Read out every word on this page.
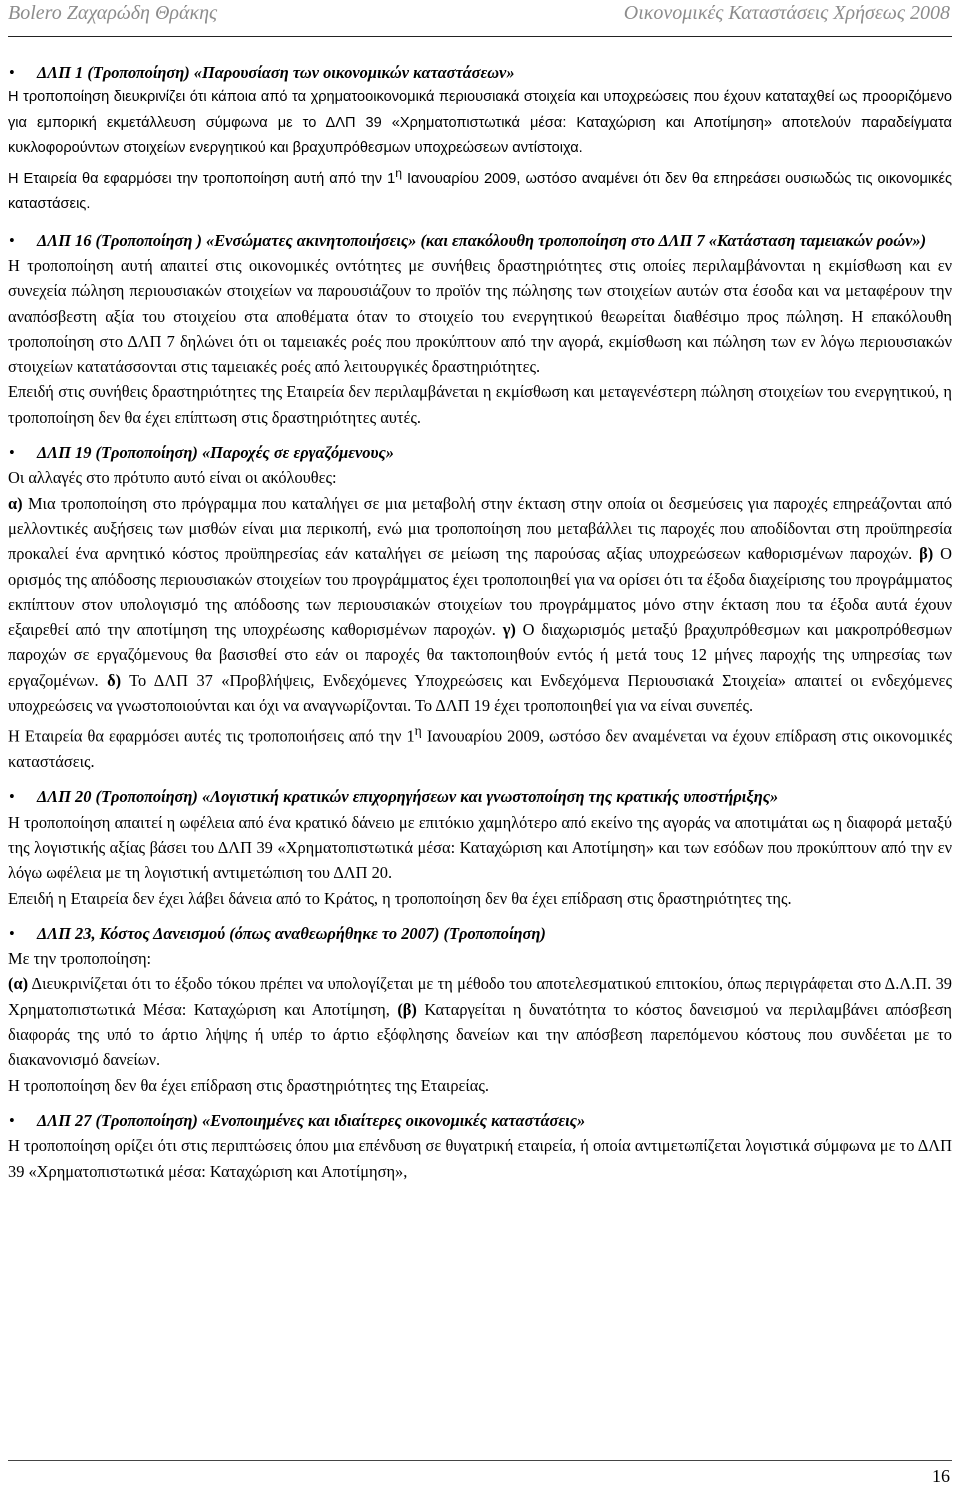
Bolero Ζαχαρώδη Θράκης	Οικονομικές Καταστάσεις Χρήσεως 2008
• ΔΛΠ 1 (Τροποποίηση) «Παρουσίαση των οικονομικών καταστάσεων»

Η τροποποίηση διευκρινίζει ότι κάποια από τα χρηματοοικονομικά περιουσιακά στοιχεία και υποχρεώσεις που έχουν καταταχθεί ως προοριζόμενο για εμπορική εκμετάλλευση σύμφωνα με το ΔΛΠ 39 «Χρηματοπιστωτικά μέσα: Καταχώριση και Αποτίμηση» αποτελούν παραδείγματα κυκλοφορούντων στοιχείων ενεργητικού και βραχυπρόθεσμων υποχρεώσεων αντίστοιχα.

Η Εταιρεία θα εφαρμόσει την τροποποίηση αυτή από την $1^\eta$ Ιανουαρίου 2009, ωστόσο αναμένει ότι δεν θα επηρεάσει ουσιωδώς τις οικονομικές καταστάσεις.

• ΔΛΠ 16 (Τροποποίηση ) «Ενσώματες ακινητοποιήσεις» (και επακόλουθη τροποποίηση στο ΔΛΠ 7 «Κατάσταση ταμειακών ροών»)

Η τροποποίηση αυτή απαιτεί στις οικονομικές οντότητες με συνήθεις δραστηριότητες στις οποίες περιλαμβάνονται η εκμίσθωση και εν συνεχεία πώληση περιουσιακών στοιχείων να παρουσιάζουν το προϊόν της πώλησης των στοιχείων αυτών στα έσοδα και να μεταφέρουν την αναπόσβεστη αξία του στοιχείου στα αποθέματα όταν το στοιχείο του ενεργητικού θεωρείται διαθέσιμο προς πώληση. Η επακόλουθη τροποποίηση στο ΔΛΠ 7 δηλώνει ότι οι ταμειακές ροές που προκύπτουν από την αγορά, εκμίσθωση και πώληση των εν λόγω περιουσιακών στοιχείων κατατάσσονται στις ταμειακές ροές από λειτουργικές δραστηριότητες.

Επειδή στις συνήθεις δραστηριότητες της Εταιρεία δεν περιλαμβάνεται η εκμίσθωση και μεταγενέστερη πώληση στοιχείων του ενεργητικού, η τροποποίηση δεν θα έχει επίπτωση στις δραστηριότητες αυτές.

• ΔΛΠ 19 (Τροποποίηση) «Παροχές σε εργαζόμενους»

Οι αλλαγές στο πρότυπο αυτό είναι οι ακόλουθες:

α) Μια τροποποίηση στο πρόγραμμα που καταλήγει σε μια μεταβολή στην έκταση στην οποία οι δεσμεύσεις για παροχές επηρεάζονται από μελλοντικές αυξήσεις των μισθών είναι μια περικοπή, ενώ μια τροποποίηση που μεταβάλλει τις παροχές που αποδίδονται στη προϋπηρεσία προκαλεί ένα αρνητικό κόστος προϋπηρεσίας εάν καταλήγει σε μείωση της παρούσας αξίας υποχρεώσεων καθορισμένων παροχών. β) Ο ορισμός της απόδοσης περιουσιακών στοιχείων του προγράμματος έχει τροποποιηθεί για να ορίσει ότι τα έξοδα διαχείρισης του προγράμματος εκπίπτουν στον υπολογισμό της απόδοσης των περιουσιακών στοιχείων του προγράμματος μόνο στην έκταση που τα έξοδα αυτά έχουν εξαιρεθεί από την αποτίμηση της υποχρέωσης καθορισμένων παροχών. γ) Ο διαχωρισμός μεταξύ βραχυπρόθεσμων και μακροπρόθεσμων παροχών σε εργαζόμενους θα βασισθεί στο εάν οι παροχές θα τακτοποιηθούν εντός ή μετά τους 12 μήνες παροχής της υπηρεσίας των εργαζομένων. δ) Το ΔΛΠ 37 «Προβλήψεις, Ενδεχόμενες Υποχρεώσεις και Ενδεχόμενα Περιουσιακά Στοιχεία» απαιτεί οι ενδεχόμενες υποχρεώσεις να γνωστοποιούνται και όχι να αναγνωρίζονται. Το ΔΛΠ 19 έχει τροποποιηθεί για να είναι συνεπές.

Η Εταιρεία θα εφαρμόσει αυτές τις τροποποιήσεις από την $1^\eta$ Ιανουαρίου 2009, ωστόσο δεν αναμένεται να έχουν επίδραση στις οικονομικές καταστάσεις.

• ΔΛΠ 20 (Τροποποίηση) «Λογιστική κρατικών επιχορηγήσεων και γνωστοποίηση της κρατικής υποστήριξης»

Η τροποποίηση απαιτεί η ωφέλεια από ένα κρατικό δάνειο με επιτόκιο χαμηλότερο από εκείνο της αγοράς να αποτιμάται ως η διαφορά μεταξύ της λογιστικής αξίας βάσει του ΔΛΠ 39 «Χρηματοπιστωτικά μέσα: Καταχώριση και Αποτίμηση» και των εσόδων που προκύπτουν από την εν λόγω ωφέλεια με τη λογιστική αντιμετώπιση του ΔΛΠ 20.

Επειδή η Εταιρεία δεν έχει λάβει δάνεια από το Κράτος, η τροποποίηση δεν θα έχει επίδραση στις δραστηριότητες της.

• ΔΛΠ 23, Κόστος Δανεισμού (όπως αναθεωρήθηκε το 2007) (Τροποποίηση)

Με την τροποποίηση:

(α) Διευκρινίζεται ότι το έξοδο τόκου πρέπει να υπολογίζεται με τη μέθοδο του αποτελεσματικού επιτοκίου, όπως περιγράφεται στο Δ.Λ.Π. 39 Χρηματοπιστωτικά Μέσα: Καταχώριση και Αποτίμηση, (β) Καταργείται η δυνατότητα το κόστος δανεισμού να περιλαμβάνει απόσβεση διαφοράς της υπό το άρτιο λήψης ή υπέρ το άρτιο εξόφλησης δανείων και την απόσβεση παρεπόμενου κόστους που συνδέεται με το διακανονισμό δανείων.

Η τροποποίηση δεν θα έχει επίδραση στις δραστηριότητες της Εταιρείας.

• ΔΛΠ 27 (Τροποποίηση) «Ενοποιημένες και ιδιαίτερες οικονομικές καταστάσεις»

Η τροποποίηση ορίζει ότι στις περιπτώσεις όπου μια επένδυση σε θυγατρική εταιρεία, ή οποία αντιμετωπίζεται λογιστικά σύμφωνα με το ΔΛΠ 39 «Χρηματοπιστωτικά μέσα: Καταχώριση και Αποτίμηση»,

16
